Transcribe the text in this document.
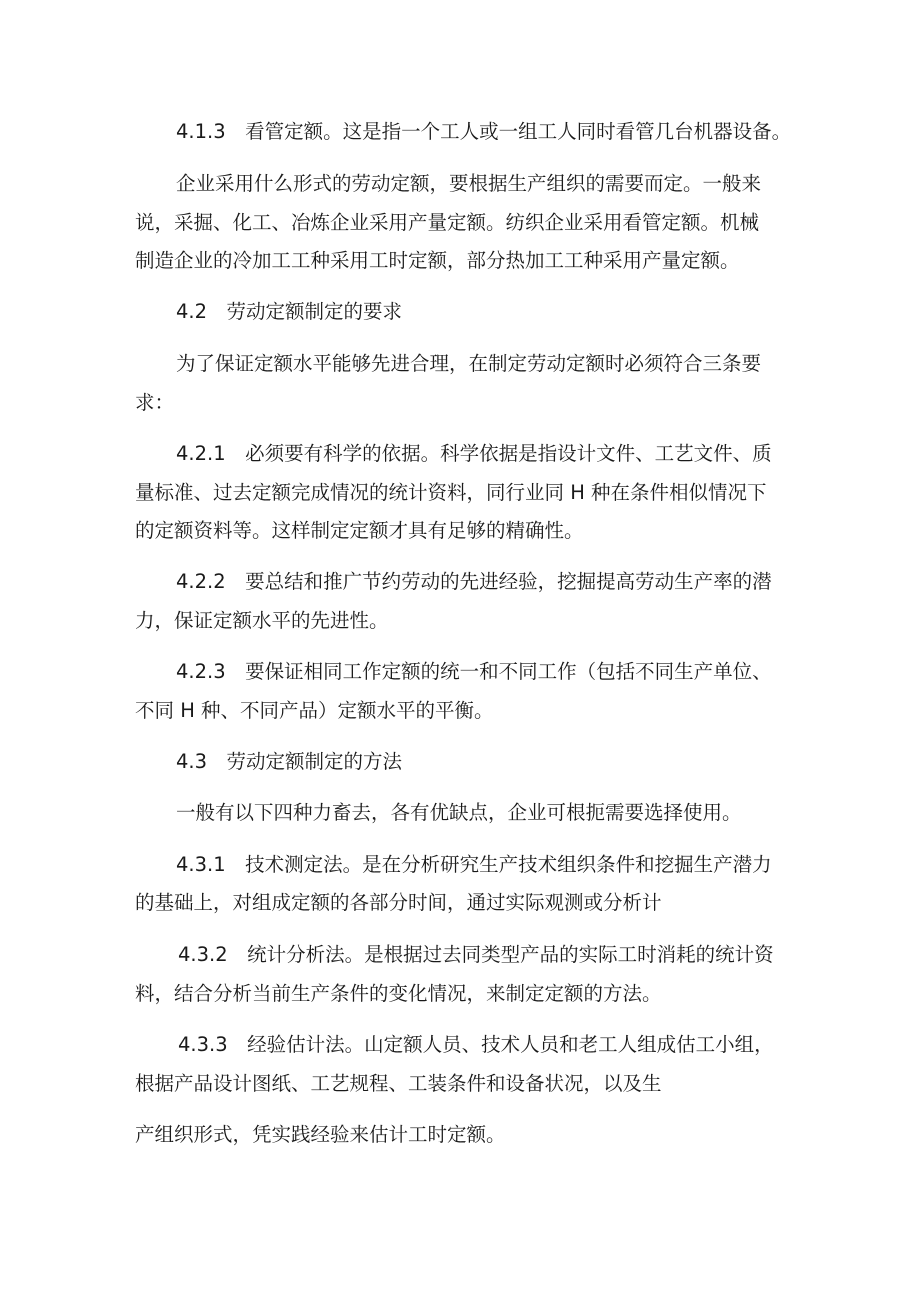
4.1.3　看管定额。这是指一个工人或一组工人同时看管几台机器设备。

企业采用什么形式的劳动定额，要根据生产组织的需要而定。一般来

说，采掘、化工、冶炼企业采用产量定额。纺织企业采用看管定额。机械

制造企业的冷加工工种采用工时定额，部分热加工工种采用产量定额。

4.2　劳动定额制定的要求

为了保证定额水平能够先进合理，在制定劳动定额时必须符合三条要

求：

4.2.1　必须要有科学的依据。科学依据是指设计文件、工艺文件、质

量标准、过去定额完成情况的统计资料，同行业同 H 种在条件相似情况下

的定额资料等。这样制定定额才具有足够的精确性。

4.2.2　要总结和推广节约劳动的先进经验，挖掘提高劳动生产率的潜

力，保证定额水平的先进性。

4.2.3　要保证相同工作定额的统一和不同工作（包括不同生产单位、

不同 H 种、不同产品）定额水平的平衡。

4.3　劳动定额制定的方法

一般有以下四种力畜去，各有优缺点，企业可根扼需要选择使用。

4.3.1　技术测定法。是在分析研究生产技术组织条件和挖掘生产潜力

的基础上，对组成定额的各部分时间，通过实际观测或分析计

4.3.2　统计分析法。是根据过去同类型产品的实际工时消耗的统计资

料，结合分析当前生产条件的变化情况，来制定定额的方法。

4.3.3　经验估计法。山定额人员、技术人员和老工人组成估工小组，

根据产品设计图纸、工艺规程、工装条件和设备状况，以及生

产组织形式，凭实践经验来估计工时定额。
